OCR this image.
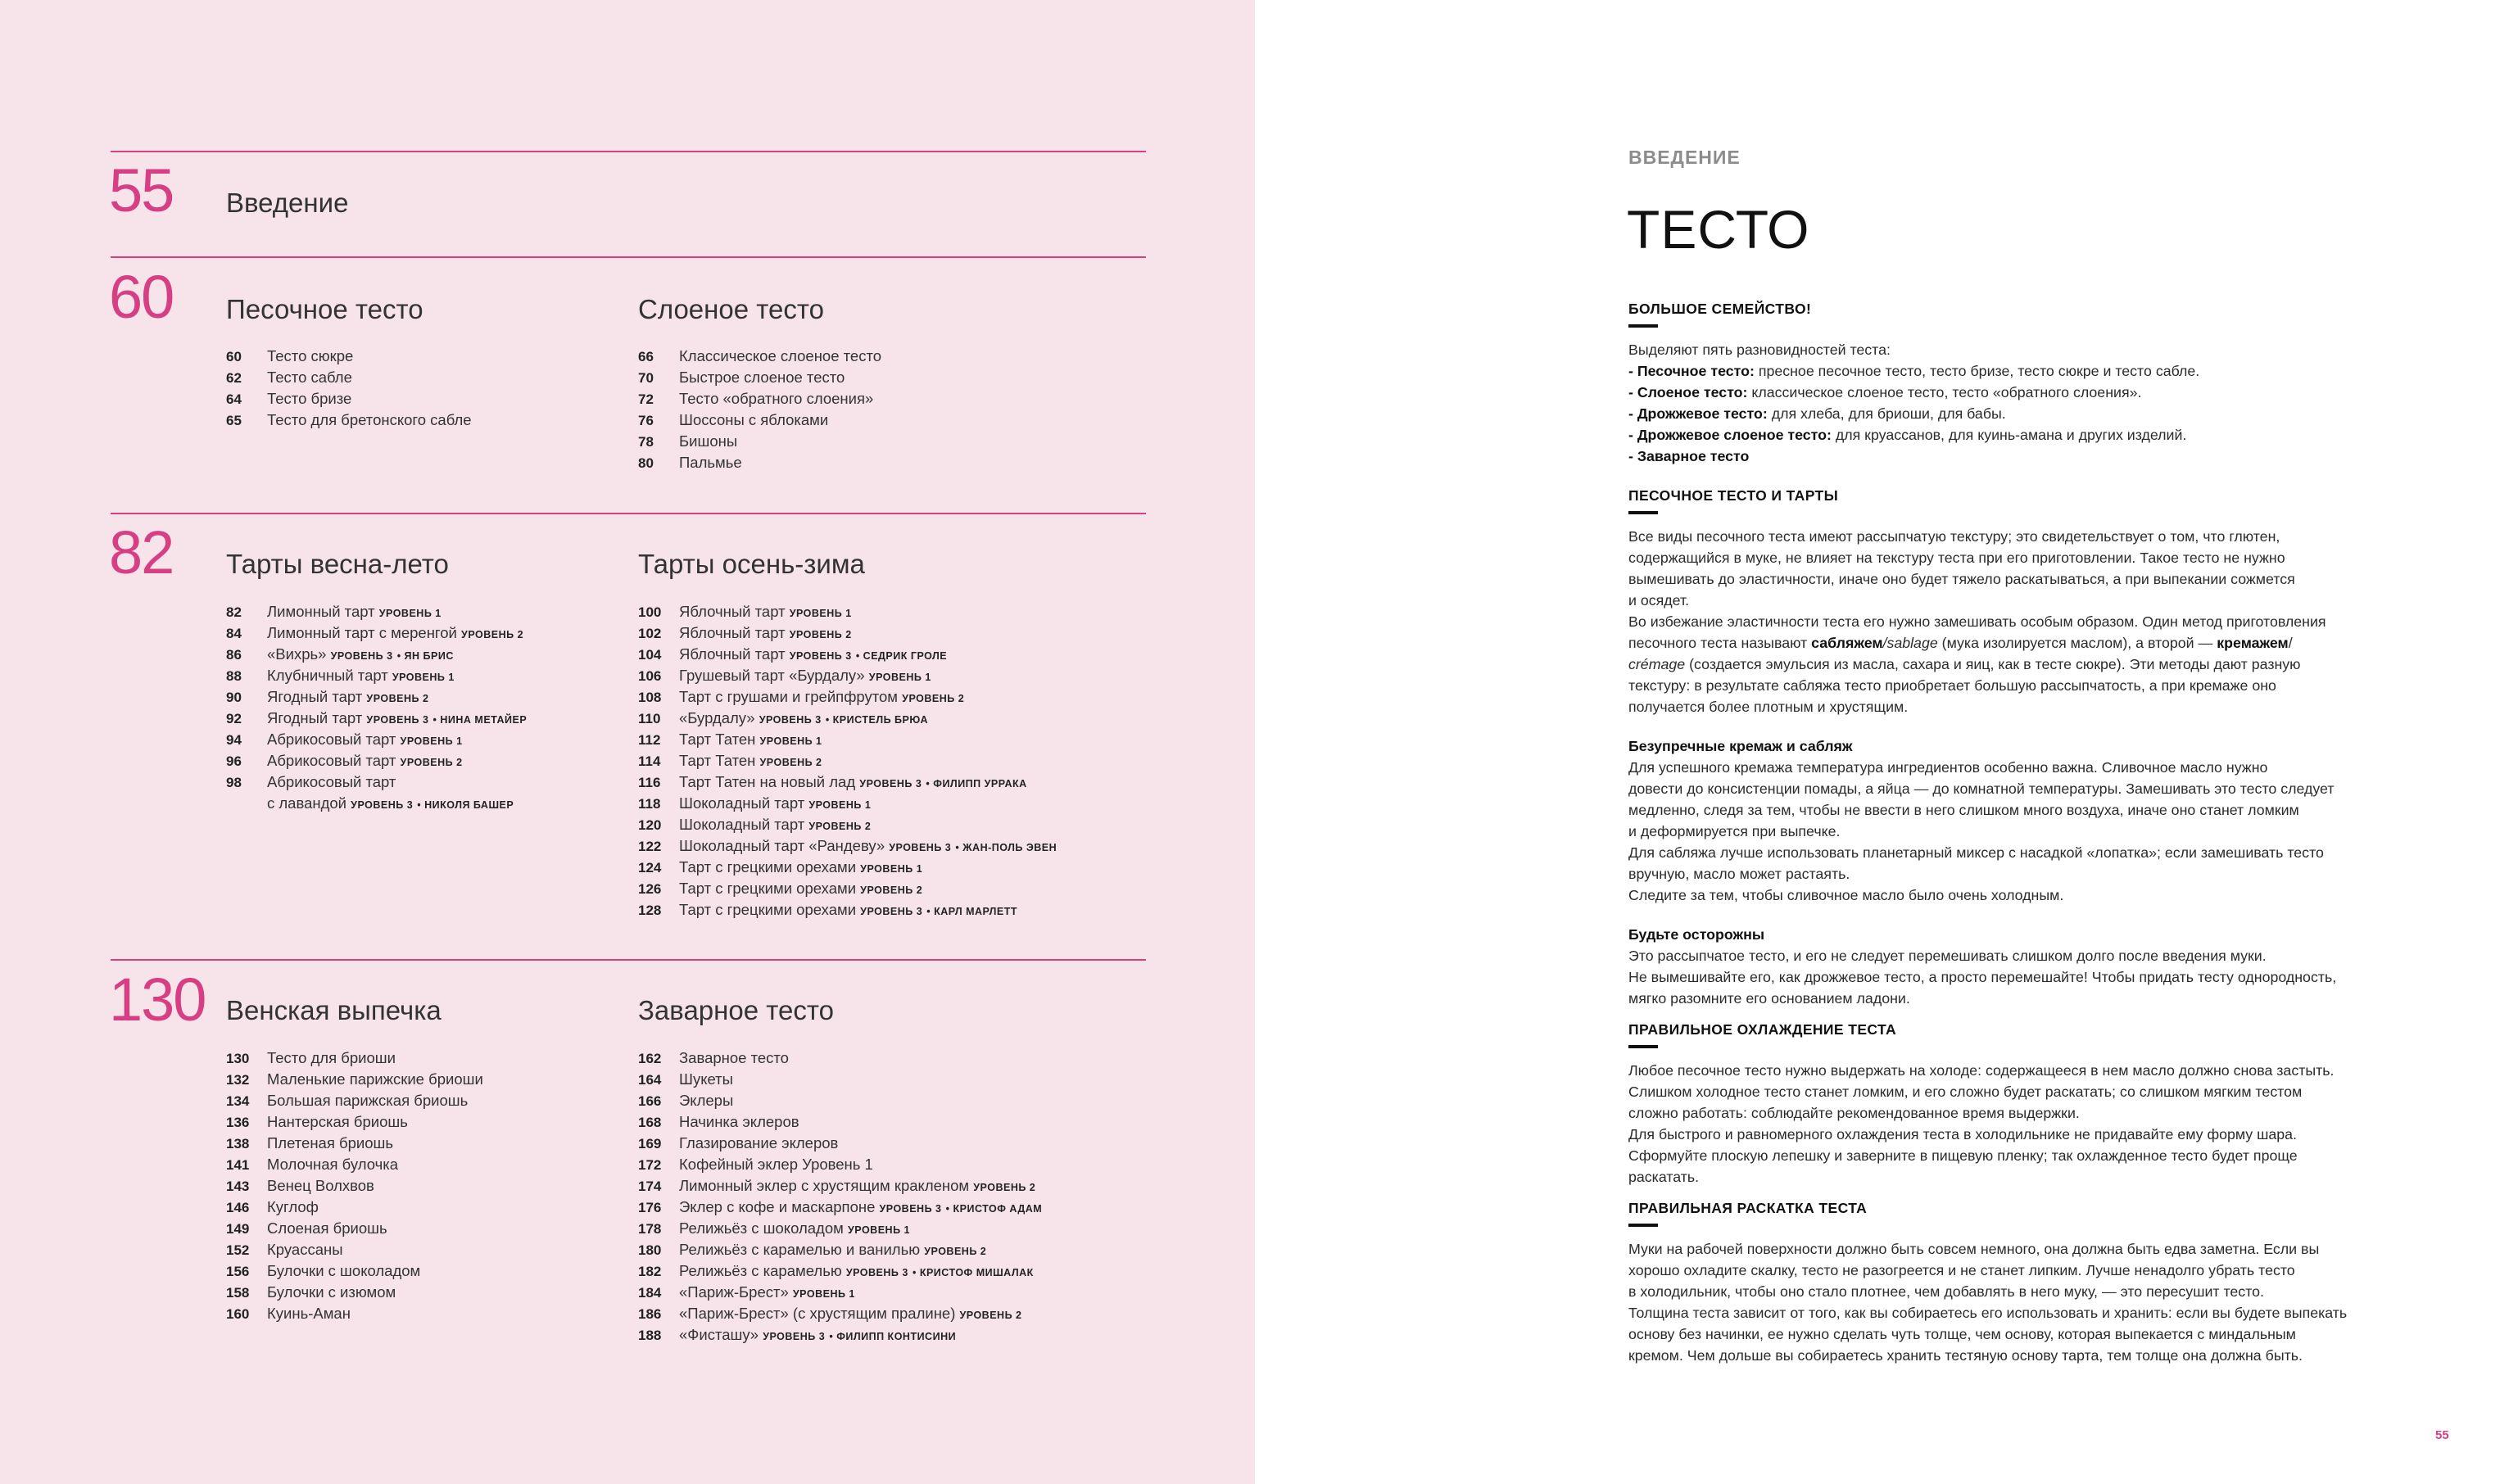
55 Введение
60 Песочное тесто	Слоеное тесто
60 Тесто сюкре
62 Тесто сабле
64 Тесто бризе
65 Тесто для бретонского сабле
66 Классическое слоеное тесто
70 Быстрое слоеное тесто
72 Тесто «обратного слоения»
76 Шоссоны с яблоками
78 Бишоны
80 Пальмье
82 Тарты весна-лето	Тарты осень-зима
82 Лимонный тарт УРОВЕНЬ 1
84 Лимонный тарт с меренгой УРОВЕНЬ 2
86 «Вихрь» УРОВЕНЬ 3 • ЯН БРИС
88 Клубничный тарт УРОВЕНЬ 1
90 Ягодный тарт УРОВЕНЬ 2
92 Ягодный тарт УРОВЕНЬ 3 • НИНА МЕТАЙЕР
94 Абрикосовый тарт УРОВЕНЬ 1
96 Абрикосовый тарт УРОВЕНЬ 2
98 Абрикосовый тарт
с лавандой УРОВЕНЬ 3 • НИКОЛЯ БАШЕР
100 Яблочный тарт УРОВЕНЬ 1
102 Яблочный тарт УРОВЕНЬ 2
104 Яблочный тарт УРОВЕНЬ 3 • СЕДРИК ГРОЛЕ
106 Грушевый тарт «Бурдалу» УРОВЕНЬ 1
108 Тарт с грушами и грейпфрутом УРОВЕНЬ 2
110 «Бурдалу» УРОВЕНЬ 3 • КРИСТЕЛЬ БРЮА
112 Тарт Татен УРОВЕНЬ 1
114 Тарт Татен УРОВЕНЬ 2
116 Тарт Татен на новый лад УРОВЕНЬ 3 • ФИЛИПП УРРАКА
118 Шоколадный тарт УРОВЕНЬ 1
120 Шоколадный тарт УРОВЕНЬ 2
122 Шоколадный тарт «Рандеву» УРОВЕНЬ 3 • ЖАН-ПОЛЬ ЭВЕН
124 Тарт с грецкими орехами УРОВЕНЬ 1
126 Тарт с грецкими орехами УРОВЕНЬ 2
128 Тарт с грецкими орехами УРОВЕНЬ 3 • КАРЛ МАРЛЕТТ
130 Венская выпечка	Заварное тесто
130 Тесто для бриоши
132 Маленькие парижские бриоши
134 Большая парижская бриошь
136 Нантерская бриошь
138 Плетеная бриошь
141 Молочная булочка
143 Венец Волхвов
146 Куглоф
149 Слоеная бриошь
152 Круассаны
156 Булочки с шоколадом
158 Булочки с изюмом
160 Куинь-Аман
162 Заварное тесто
164 Шукеты
166 Эклеры
168 Начинка эклеров
169 Глазирование эклеров
172 Кофейный эклер Уровень 1
174 Лимонный эклер с хрустящим кракленом УРОВЕНЬ 2
176 Эклер с кофе и маскарпоне УРОВЕНЬ 3 • КРИСТОФ АДАМ
178 Релижьёз с шоколадом УРОВЕНЬ 1
180 Релижьёз с карамелью и ванилью УРОВЕНЬ 2
182 Релижьёз с карамелью УРОВЕНЬ 3 • КРИСТОФ МИШАЛАК
184 «Париж-Брест» УРОВЕНЬ 1
186 «Париж-Брест» (с хрустящим пралине) УРОВЕНЬ 2
188 «Фисташу» УРОВЕНЬ 3 • ФИЛИПП КОНТИСИНИ
ВВЕДЕНИЕ
ТЕСТО

БОЛЬШОЕ СЕМЕЙСТВО!

Выделяют пять разновидностей теста:

- Песочное тесто: пресное песочное тесто, тесто бризе, тесто сюкре и тесто сабле.

- Слоеное тесто: классическое слоеное тесто, тесто «обратного слоения».

- Дрожжевое тесто: для хлеба, для бриоши, для бабы.

- Дрожжевое слоеное тесто: для круассанов, для куинь-амана и других изделий.

- Заварное тесто

ПЕСОЧНОЕ ТЕСТО И ТАРТЫ

Все виды песочного теста имеют рассыпчатую текстуру; это свидетельствует о том, что глютен,

содержащийся в муке, не влияет на текстуру теста при его приготовлении. Такое тесто не нужно

вымешивать до эластичности, иначе оно будет тяжело раскатываться, а при выпекании сожмется

и осядет.

Во избежание эластичности теста его нужно замешивать особым образом. Один метод приготовления

песочного теста называют сабляжем/sablage (мука изолируется маслом), а второй — кремажем/

crémage (создается эмульсия из масла, сахара и яиц, как в тесте сюкре). Эти методы дают разную

текстуру: в результате сабляжа тесто приобретает большую рассыпчатость, а при кремаже оно

получается более плотным и хрустящим.

Безупречные кремаж и сабляж

Для успешного кремажа температура ингредиентов особенно важна. Сливочное масло нужно

довести до консистенции помады, а яйца — до комнатной температуры. Замешивать это тесто следует

медленно, следя за тем, чтобы не ввести в него слишком много воздуха, иначе оно станет ломким

и деформируется при выпечке.

Для сабляжа лучше использовать планетарный миксер с насадкой «лопатка»; если замешивать тесто

вручную, масло может растаять.

Следите за тем, чтобы сливочное масло было очень холодным.

Будьте осторожны

Это рассыпчатое тесто, и его не следует перемешивать слишком долго после введения муки.

Не вымешивайте его, как дрожжевое тесто, а просто перемешайте! Чтобы придать тесту однородность,

мягко разомните его основанием ладони.

ПРАВИЛЬНОЕ ОХЛАЖДЕНИЕ ТЕСТА

Любое песочное тесто нужно выдержать на холоде: содержащееся в нем масло должно снова застыть.

Слишком холодное тесто станет ломким, и его сложно будет раскатать; со слишком мягким тестом

сложно работать: соблюдайте рекомендованное время выдержки.

Для быстрого и равномерного охлаждения теста в холодильнике не придавайте ему форму шара.

Сформуйте плоскую лепешку и заверните в пищевую пленку; так охлажденное тесто будет проще

раскатать.

ПРАВИЛЬНАЯ РАСКАТКА ТЕСТА

Муки на рабочей поверхности должно быть совсем немного, она должна быть едва заметна. Если вы

хорошо охладите скалку, тесто не разогреется и не станет липким. Лучше ненадолго убрать тесто

в холодильник, чтобы оно стало плотнее, чем добавлять в него муку, — это пересушит тесто.

Толщина теста зависит от того, как вы собираетесь его использовать и хранить: если вы будете выпекать

основу без начинки, ее нужно сделать чуть толще, чем основу, которая выпекается с миндальным

кремом. Чем дольше вы собираетесь хранить тестяную основу тарта, тем толще она должна быть.

55
